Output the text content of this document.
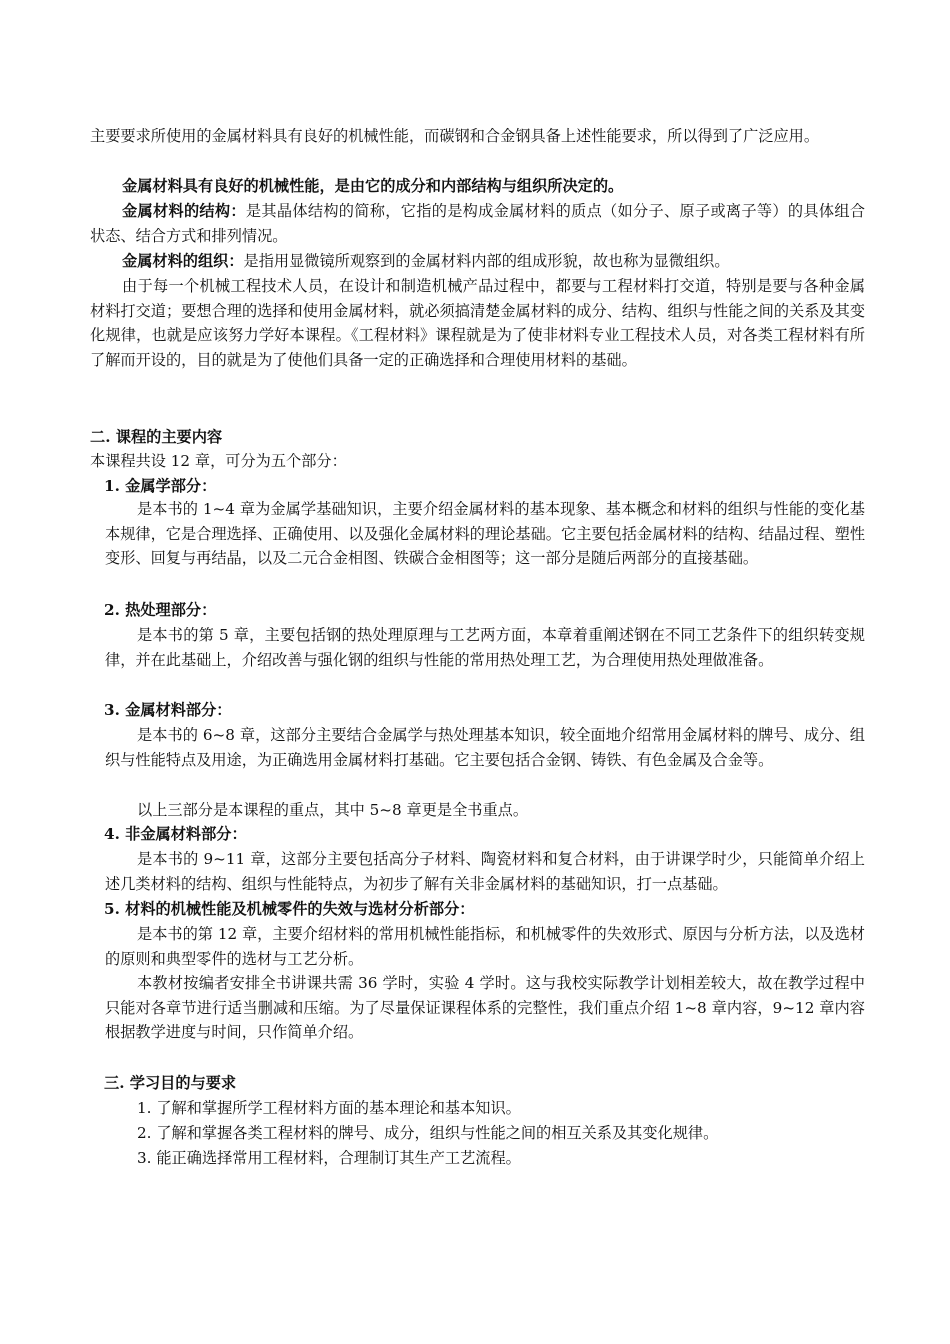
主要要求所使用的金属材料具有良好的机械性能，而碳钢和合金钢具备上述性能要求，所以得到了广泛应用。

金属材料具有良好的机械性能，是由它的成分和内部结构与组织所决定的。

金属材料的结构：是其晶体结构的简称，它指的是构成金属材料的质点（如分子、原子或离子等）的具体组合状态、结合方式和排列情况。

金属材料的组织：是指用显微镜所观察到的金属材料内部的组成形貌，故也称为显微组织。

由于每一个机械工程技术人员，在设计和制造机械产品过程中，都要与工程材料打交道，特别是要与各种金属材料打交道；要想合理的选择和使用金属材料，就必须搞清楚金属材料的成分、结构、组织与性能之间的关系及其变化规律，也就是应该努力学好本课程。《工程材料》课程就是为了使非材料专业工程技术人员，对各类工程材料有所了解而开设的，目的就是为了使他们具备一定的正确选择和合理使用材料的基础。

二. 课程的主要内容

本课程共设 12 章，可分为五个部分：

1. 金属学部分：

是本书的 1~4 章为金属学基础知识，主要介绍金属材料的基本现象、基本概念和材料的组织与性能的变化基本规律，它是合理选择、正确使用、以及强化金属材料的理论基础。它主要包括金属材料的结构、结晶过程、塑性变形、回复与再结晶，以及二元合金相图、铁碳合金相图等；这一部分是随后两部分的直接基础。

2. 热处理部分：

是本书的第 5 章，主要包括钢的热处理原理与工艺两方面，本章着重阐述钢在不同工艺条件下的组织转变规律，并在此基础上，介绍改善与强化钢的组织与性能的常用热处理工艺，为合理使用热处理做准备。

3. 金属材料部分：

是本书的 6~8 章，这部分主要结合金属学与热处理基本知识，较全面地介绍常用金属材料的牌号、成分、组织与性能特点及用途，为正确选用金属材料打基础。它主要包括合金钢、铸铁、有色金属及合金等。

以上三部分是本课程的重点，其中 5~8 章更是全书重点。

4. 非金属材料部分：

是本书的 9~11 章，这部分主要包括高分子材料、陶瓷材料和复合材料，由于讲课学时少，只能简单介绍上述几类材料的结构、组织与性能特点，为初步了解有关非金属材料的基础知识，打一点基础。

5. 材料的机械性能及机械零件的失效与选材分析部分：

是本书的第 12 章，主要介绍材料的常用机械性能指标，和机械零件的失效形式、原因与分析方法，以及选材的原则和典型零件的选材与工艺分析。

本教材按编者安排全书讲课共需 36 学时，实验 4 学时。这与我校实际教学计划相差较大，故在教学过程中只能对各章节进行适当删减和压缩。为了尽量保证课程体系的完整性，我们重点介绍 1~8 章内容，9~12 章内容根据教学进度与时间，只作简单介绍。

三. 学习目的与要求

1. 了解和掌握所学工程材料方面的基本理论和基本知识。

2. 了解和掌握各类工程材料的牌号、成分，组织与性能之间的相互关系及其变化规律。

3. 能正确选择常用工程材料，合理制订其生产工艺流程。
